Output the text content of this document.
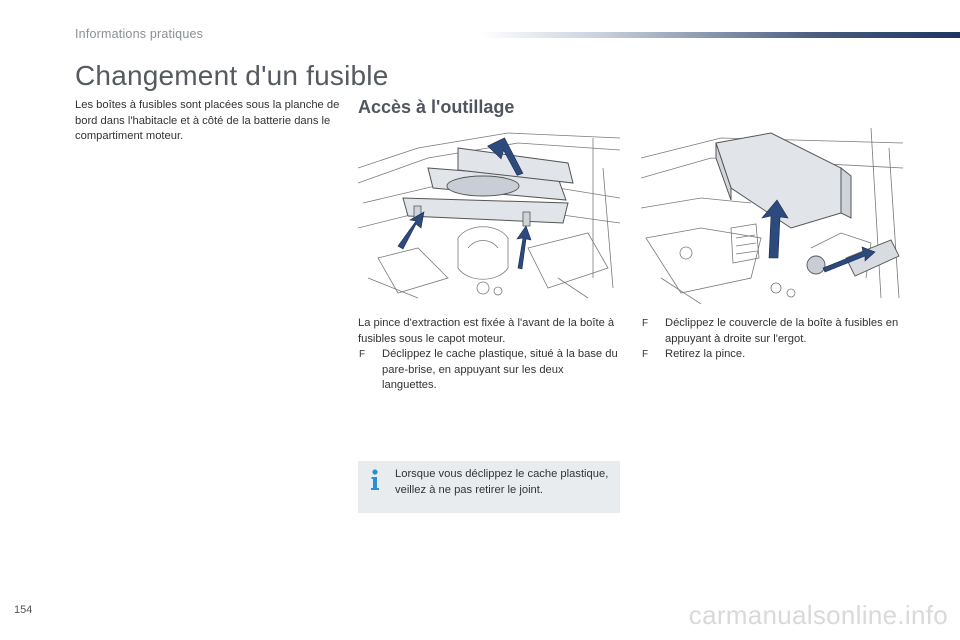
Informations pratiques
Changement d'un fusible
Les boîtes à fusibles sont placées sous la planche de bord dans l'habitacle et à côté de la batterie dans le compartiment moteur.
Accès à l'outillage

La pince d'extraction est fixée à l'avant de la boîte à fusibles sous le capot moteur.

F Déclippez le cache plastique, situé à la base du pare-brise, en appuyant sur les deux languettes.

F Déclippez le couvercle de la boîte à fusibles en appuyant à droite sur l'ergot.

F Retirez la pince.

Lorsque vous déclippez le cache plastique, veillez à ne pas retirer le joint.
154	carmanualsonline.info
